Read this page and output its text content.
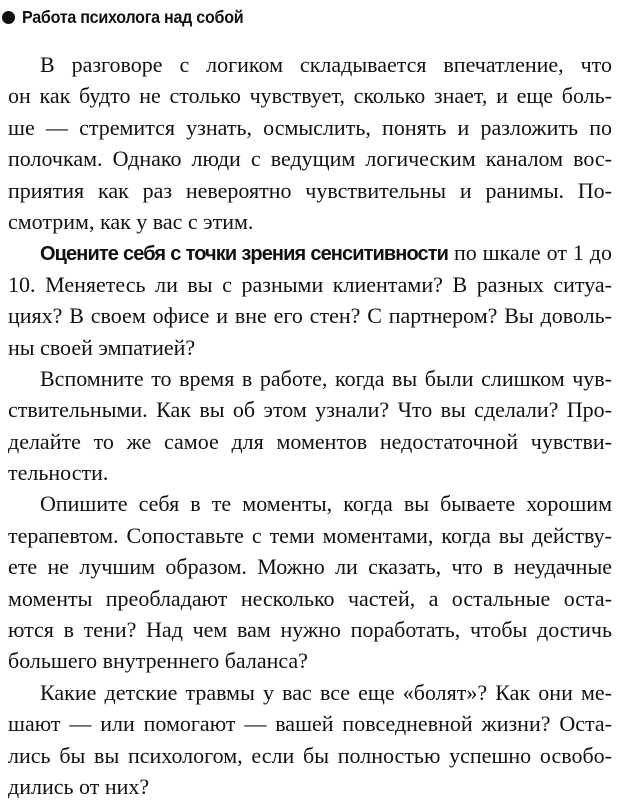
Работа психолога над собой
В разговоре с логиком складывается впечатление, что
он как будто не столько чувствует, сколько знает, и еще боль-
ше — стремится узнать, осмыслить, понять и разложить по
полочкам. Однако люди с ведущим логическим каналом вос-
приятия как раз невероятно чувствительны и ранимы. По-
смотрим, как у вас с этим.
Оцените себя с точки зрения сенситивности по шкале от 1 до
10. Меняетесь ли вы с разными клиентами? В разных ситуа-
циях? В своем офисе и вне его стен? С партнером? Вы доволь-
ны своей эмпатией?
Вспомните то время в работе, когда вы были слишком чув-
ствительными. Как вы об этом узнали? Что вы сделали? Про-
делайте то же самое для моментов недостаточной чувстви-
тельности.
Опишите себя в те моменты, когда вы бываете хорошим
терапевтом. Сопоставьте с теми моментами, когда вы действу-
ете не лучшим образом. Можно ли сказать, что в неудачные
моменты преобладают несколько частей, а остальные оста-
ются в тени? Над чем вам нужно поработать, чтобы достичь
большего внутреннего баланса?
Какие детские травмы у вас все еще «болят»? Как они ме-
шают — или помогают — вашей повседневной жизни? Оста-
лись бы вы психологом, если бы полностью успешно освобо-
дились от них?
